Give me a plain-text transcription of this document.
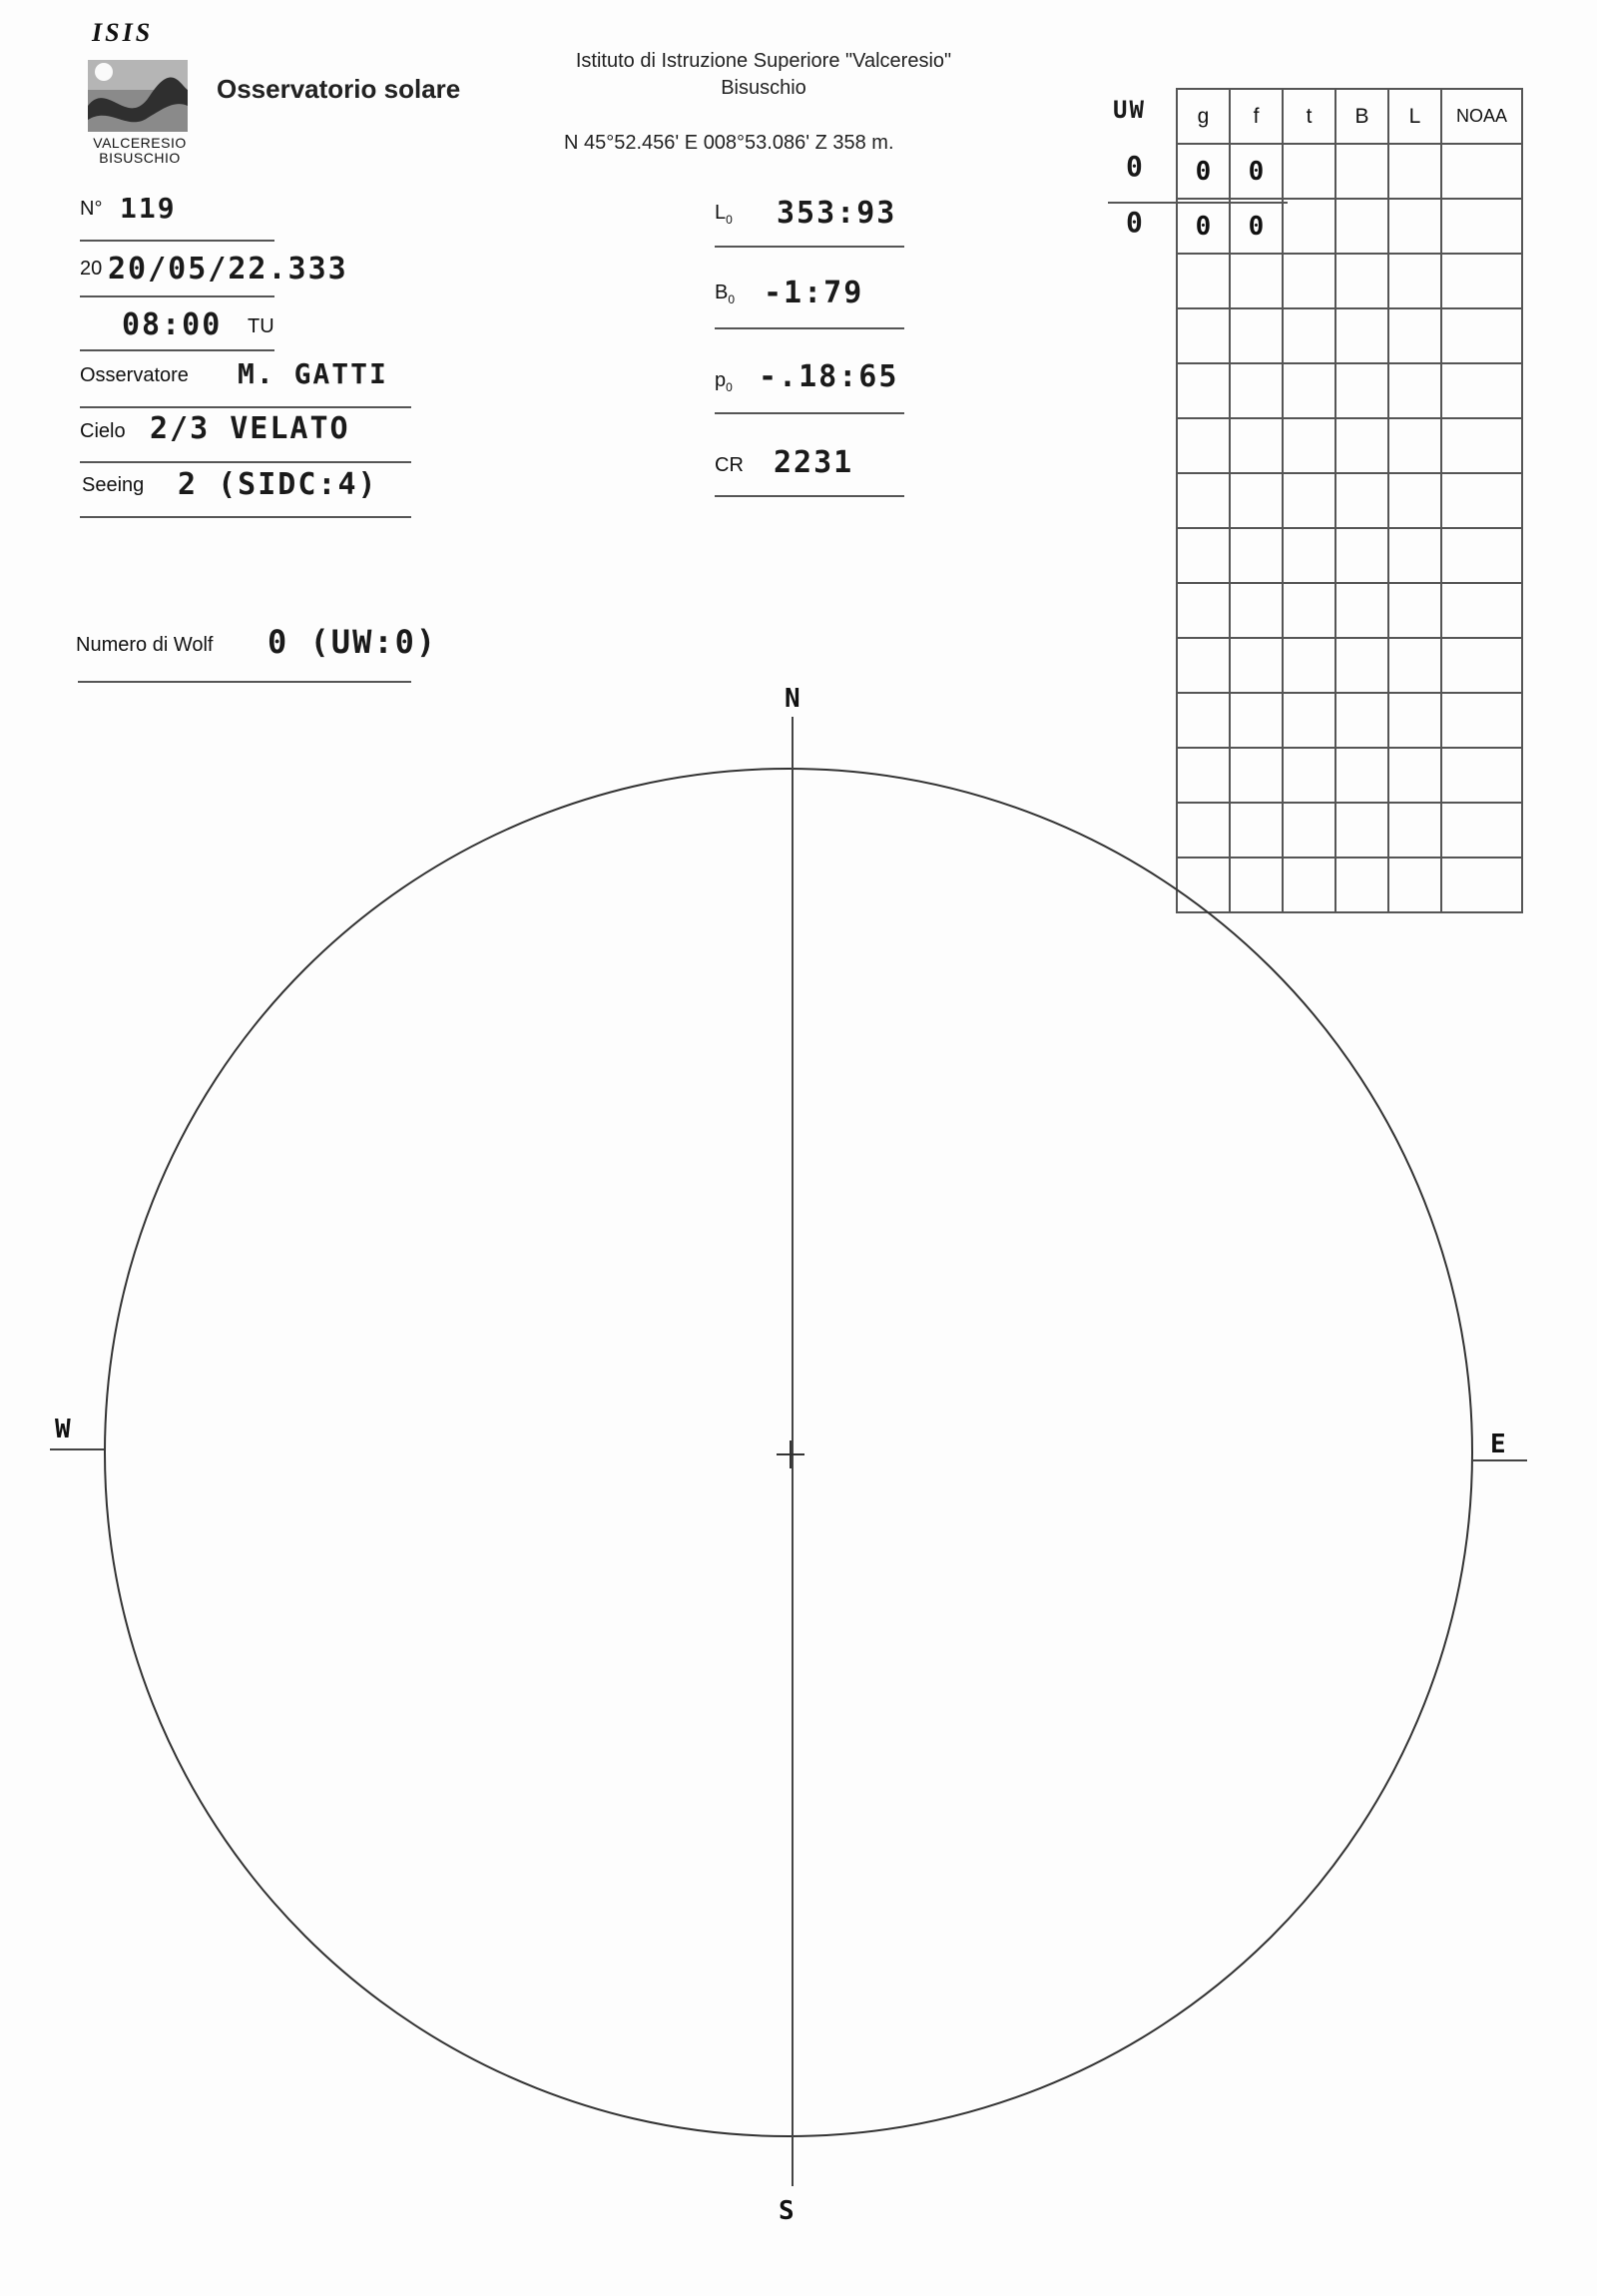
ISIS
VALCERESIO
BISUSCHIO
Osservatorio solare
Istituto di Istruzione Superiore "Valceresio"
Bisuschio
N 45°52.456' E 008°53.086' Z 358 m.
N° 119
20 20/05/22.333
08:00 TU
Osservatore M. GATTI
Cielo 2/3 VELATO
Seeing 2 (SIDC:4)
Numero di Wolf 0 (UW:0)
$L_0$ 353:93
$B_0$ -1:79
$p_0$ -.18:65
CR 2231
UW
0
0
g	f	t	B	L	NOAA
0	0				
0	0				

N
S
E
W
